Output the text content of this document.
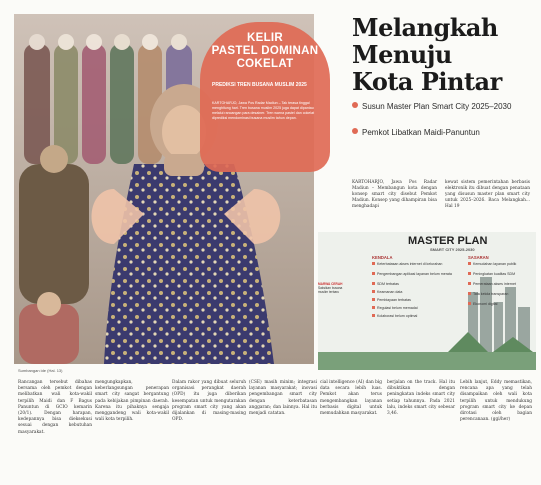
KELIR
PASTEL DOMINAN
COKELAT
PREDIKSI TREN BUSANA MUSLIM 2025
KARTOHARJO, Jawa Pos Radar Madiun – Tak terasa tinggal menghitung hari. Tren busana muslim 2025 juga dapat dipantau melalui rancangan para desainer. Tren warna pastel dan cokelat diprediksi mendominasi busana muslim tahun depan.
Melangkah
Menuju
Kota Pintar
Susun Master Plan Smart City 2025–2030
Pemkot Libatkan Maidi-Panuntun
KARTOHARJO, Jawa Pos Radar Madiun – Membangun kota dengan konsep smart city disebut Pemkot Madiun. Konsep yang dihampiran bisa menghadapi
kewat sistem pemerintahan berbasis elektronik itu dibuat dengan penataan yang disusun master plan smart city untuk 2025–2026. Baca Melangkah... Hal 19
MASTER PLAN
SMART CITY 2025-2030
KENDALA
Keterbatasan akses internet di kelurahan
Pengembangan aplikasi layanan belum merata
SDM terbatas
Keamanan data
Pembiayaan terbatas
Regulasi belum memadai
Kolaborasi belum optimal
SASARAN
Kemudahan layanan publik
Peningkatan kualitas SDM
Pemerataan akses internet
Tata kelola transparan
Ekonomi digital
MARWA CERAH
Saksikan busana muslim terbaru
Sumbangan ide (Hal. 13)
Rancangan tersebut dibahas bersama oleh pemkot dengan melibatkan wali kota-wakil terpilih Maidi dan F Bagus Panuntun di GCIO kemarin (20/1). Dengan harapan, kedepannya bisa dieksekusi sesuai dengan kebutuhan masyarakat.
mengungkapkan, keberlangsungan penerapan smart city sangat bergantung pada kebijakan pimpinan daerah. Karena itu pihaknya sengaja menggandeng wali kota-wakil wali kota terpilih.
Dalam rakor yang dibuat seluruh organisasi perangkat daerah (OPD) itu juga diberikan kesempatan untuk mengutarakan program smart city yang akan dijalankan di masing-masing OPD.
(CSE) masih minim; integrasi layanan masyarakat; inovasi pengembangan smart city dengan keterbatasan anggaran; dan lainnya. Hal itu menjadi catatan.
cial intelligence (AI) dan big data secara lebih luas. Pemkot akan terus mengembangkan layanan berbasis digital untuk memudahkan masyarakat.
berjalan on the track. Hal itu dibuktikan dengan peningkatan indeks smart city setiap tahunnya. Pada 2021 lalu, indeks smart city sebesar 3,46.
Lebih lanjut, Eddy memastikan, rencana apa yang telah disampaikan oleh wali kota terpilih untuk mendukung program smart city ke depan dirotasi oleh bagian perencanaan. (ggi/her)
